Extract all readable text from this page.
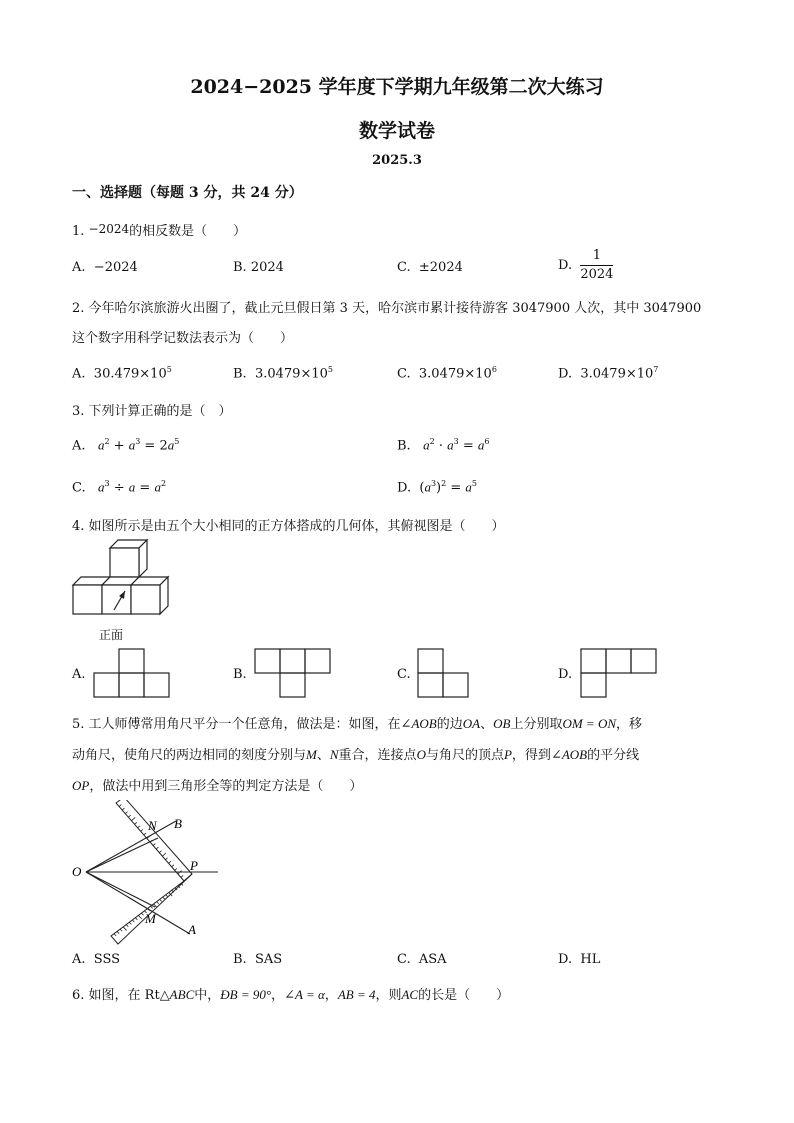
2024−2025 学年度下学期九年级第二次大练习
数学试卷
2025.3
一、选择题（每题 3 分，共 24 分）
1. −2024的相反数是（　　）
A. −2024	B. 2024	C. ±2024	D. $\frac{1}{2024}$
2. 今年哈尔滨旅游火出圈了，截止元旦假日第 3 天，哈尔滨市累计接待游客 3047900 人次，其中 3047900
这个数字用科学记数法表示为（　　）
A. $30.479\times 10^5$	B. $3.0479\times 10^5$	C. $3.0479\times 10^6$	D. $3.0479\times 10^7$
3. 下列计算正确的是（　）
A. $a^2 + a^3 = 2a^5$	B. $a^2 \cdot a^3 = a^6$
C. $a^3 \div a = a^2$	D.  $(a^3)^2 = a^5$
4. 如图所示是由五个大小相同的正方体搭成的几何体，其俯视图是（　　）
正面
A.	B.	C.	D.
5. 工人师傅常用角尺平分一个任意角，做法是：如图，在∠AOB的边OA、OB上分别取OM = ON，移
动角尺，使角尺的两边相同的刻度分别与M、N重合，连接点O与角尺的顶点P，得到∠AOB的平分线
OP，做法中用到三角形全等的判定方法是（　　）
O
N B
P
M
A
A. SSS	B. SAS	C. ASA	D. HL
6. 如图，在 Rt△ABC中，ÐB = 90°，∠A = α，AB = 4，则AC的长是（　　）
